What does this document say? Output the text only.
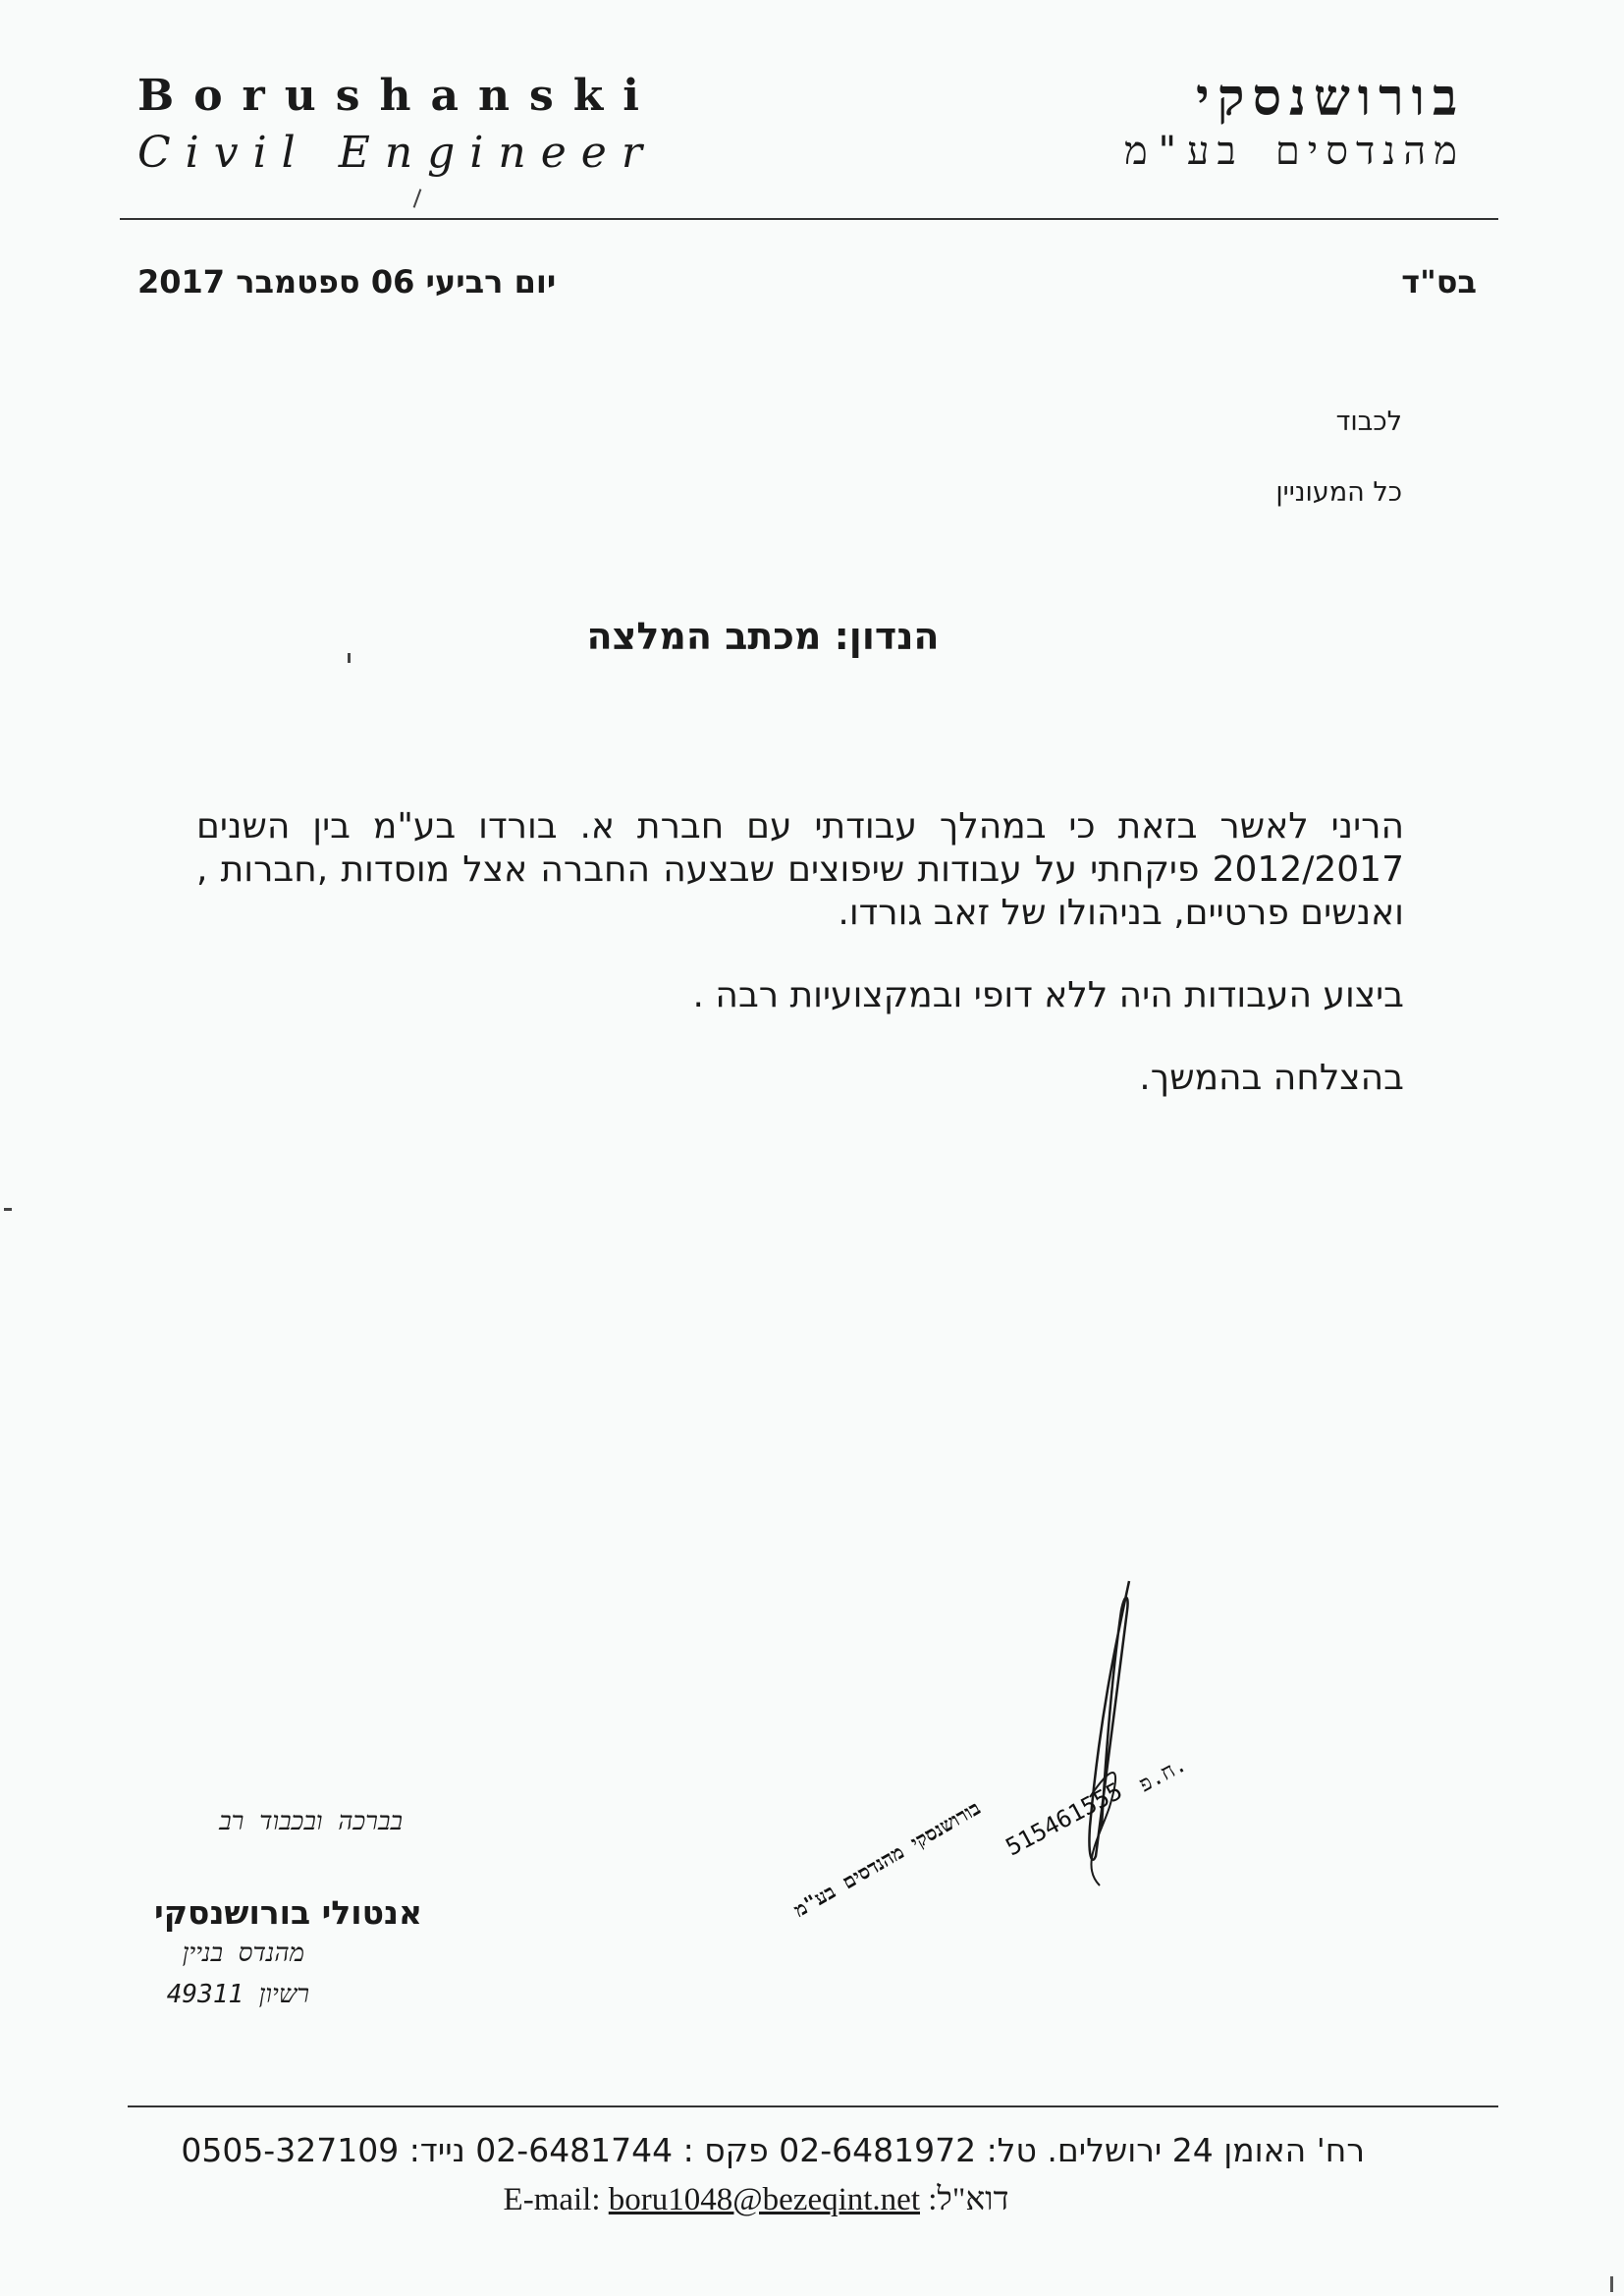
Borushanski
Civil Engineer
בורושנסקי
מהנדסים בע"מ
יום רביעי 06 ספטמבר 2017	בס"ד
לכבוד
כל המעוניין
הנדון: מכתב המלצה

הריני לאשר בזאת כי במהלך עבודתי עם חברת א. בורדו בע"מ בין השנים 2012/2017 פיקחתי על עבודות שיפוצים שבצעה החברה אצל מוסדות ,חברות , ואנשים פרטיים, בניהולו של זאב גורדו.

ביצוע העבודות היה ללא דופי ובמקצועיות רבה .

בהצלחה בהמשך.

בורושנסקי מהנדסים בע"מ 515461555 ח.פ.
בברכה ובכבוד רב
אנטולי בורושנסקי
מהנדס בניין
רשיון 49311
רח' האומן 24 ירושלים. טל: 02-6481972 פקס : 02-6481744 נייד: 0505-327109
E-mail: boru1048@bezeqint.net דוא"ל:
